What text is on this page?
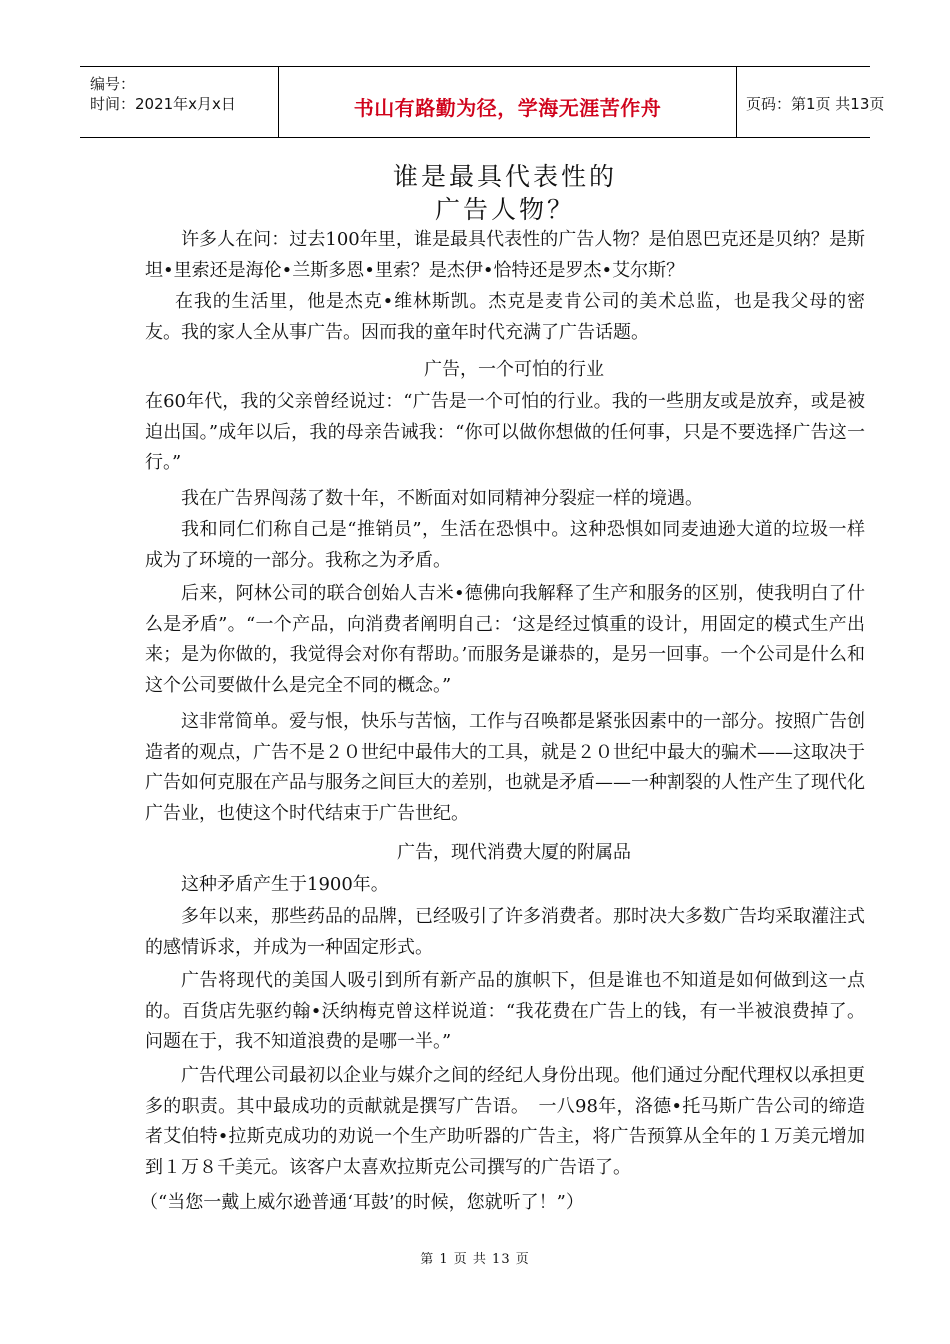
编号：
时间：2021年x月x日	书山有路勤为径，学海无涯苦作舟	页码：第1页 共13页
谁是最具代表性的
广告人物？

许多人在问：过去100年里，谁是最具代表性的广告人物？是伯恩巴克还是贝纳？是斯坦•里索还是海伦•兰斯多恩•里索？是杰伊•恰特还是罗杰•艾尔斯？

在我的生活里，他是杰克•维林斯凯。杰克是麦肯公司的美术总监，也是我父母的密友。我的家人全从事广告。因而我的童年时代充满了广告话题。

广告，一个可怕的行业

在60年代，我的父亲曾经说过：“广告是一个可怕的行业。我的一些朋友或是放弃，或是被迫出国。”成年以后，我的母亲告诫我：“你可以做你想做的任何事，只是不要选择广告这一行。”

我在广告界闯荡了数十年，不断面对如同精神分裂症一样的境遇。

我和同仁们称自己是“推销员”，生活在恐惧中。这种恐惧如同麦迪逊大道的垃圾一样成为了环境的一部分。我称之为矛盾。

后来，阿林公司的联合创始人吉米•德佛向我解释了生产和服务的区别，使我明白了什么是矛盾”。“一个产品，向消费者阐明自己：‘这是经过慎重的设计，用固定的模式生产出来；是为你做的，我觉得会对你有帮助。’而服务是谦恭的，是另一回事。一个公司是什么和这个公司要做什么是完全不同的概念。”

这非常简单。爱与恨，快乐与苦恼，工作与召唤都是紧张因素中的一部分。按照广告创造者的观点，广告不是２０世纪中最伟大的工具，就是２０世纪中最大的骗术——这取决于广告如何克服在产品与服务之间巨大的差别，也就是矛盾——一种割裂的人性产生了现代化广告业，也使这个时代结束于广告世纪。

广告，现代消费大厦的附属品

这种矛盾产生于1900年。

多年以来，那些药品的品牌，已经吸引了许多消费者。那时决大多数广告均采取灌注式的感情诉求，并成为一种固定形式。

广告将现代的美国人吸引到所有新产品的旗帜下，但是谁也不知道是如何做到这一点的。百货店先驱约翰•沃纳梅克曾这样说道：“我花费在广告上的钱，有一半被浪费掉了。问题在于，我不知道浪费的是哪一半。”

广告代理公司最初以企业与媒介之间的经纪人身份出现。他们通过分配代理权以承担更多的职责。其中最成功的贡献就是撰写广告语。　一八98年，洛德•托马斯广告公司的缔造者艾伯特•拉斯克成功的劝说一个生产助听器的广告主，将广告预算从全年的１万美元增加到１万８千美元。该客户太喜欢拉斯克公司撰写的广告语了。

（“当您一戴上威尔逊普通‘耳鼓’的时候，您就听了！”）

第 1 页 共 13 页
